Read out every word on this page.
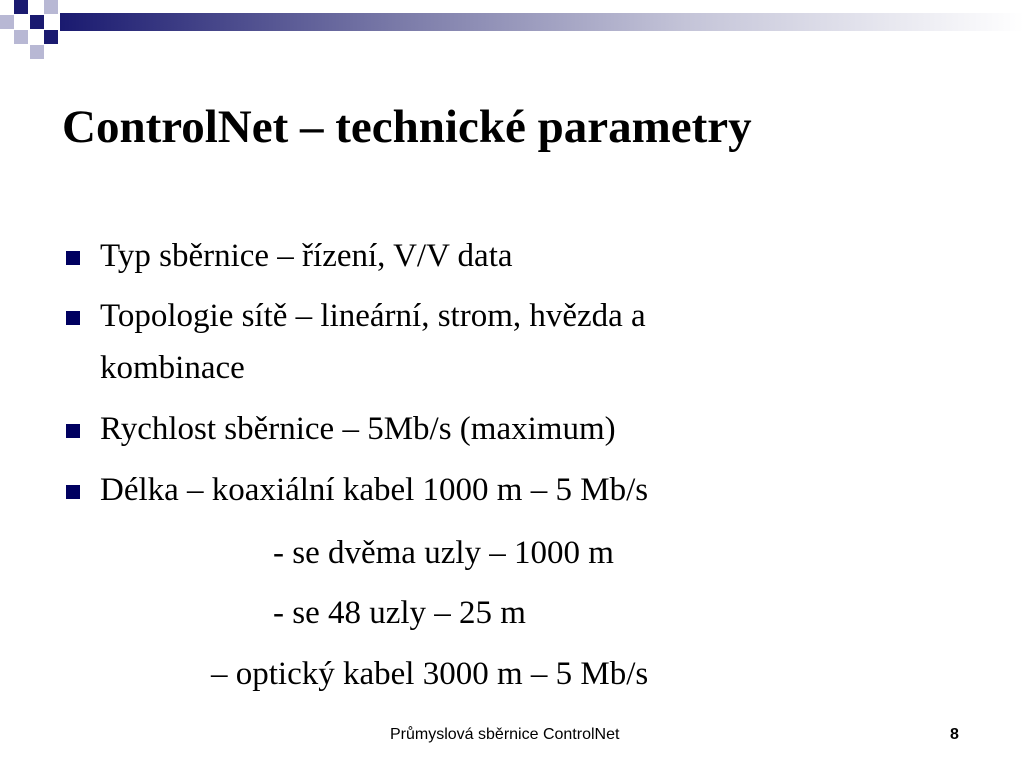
ControlNet – technické parametry
Typ sběrnice – řízení, V/V data
Topologie sítě – lineární, strom, hvězda a
kombinace
Rychlost sběrnice – 5Mb/s (maximum)
Délka – koaxiální kabel 1000 m – 5 Mb/s
- se dvěma uzly – 1000 m
- se 48 uzly – 25 m
– optický kabel 3000 m – 5 Mb/s
Průmyslová sběrnice ControlNet	8
